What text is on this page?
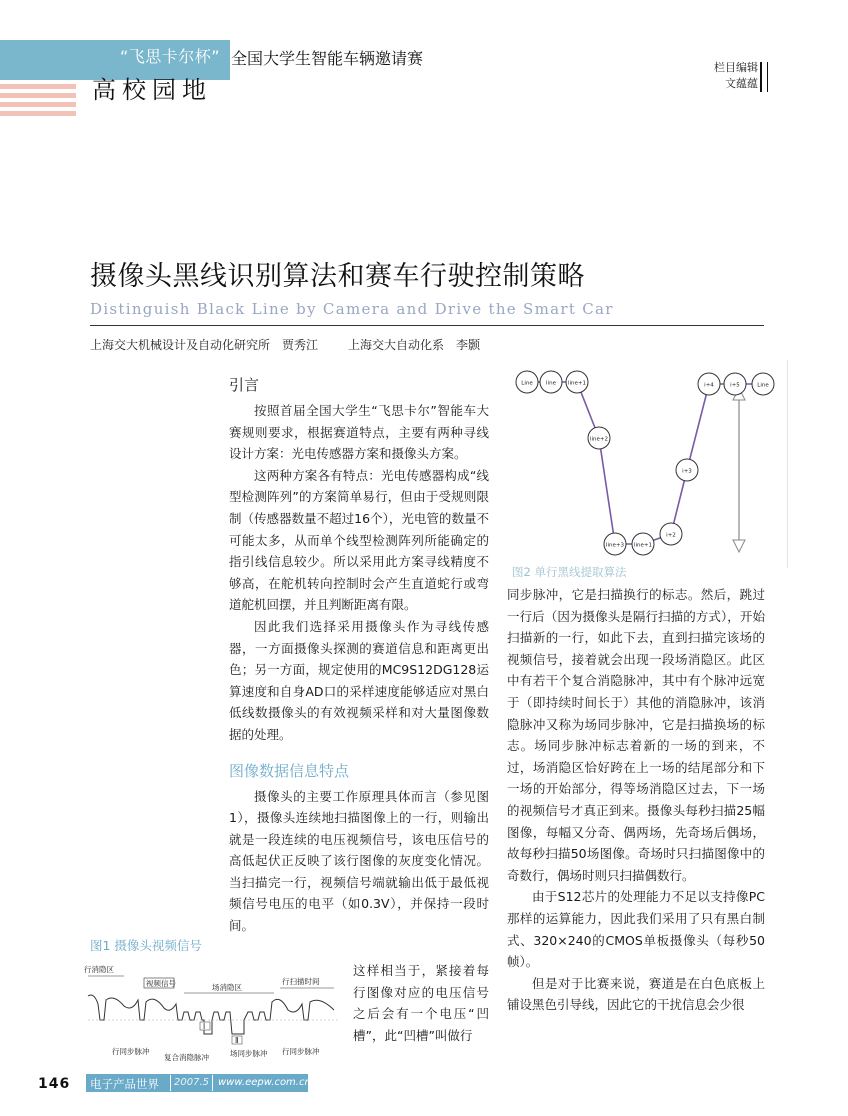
“飞思卡尔杯” 全国大学生智能车辆邀请赛
高校园地
栏目编辑
文蕴蕴
摄像头黑线识别算法和赛车行驶控制策略
Distinguish Black Line by Camera and Drive the Smart Car
上海交大机械设计及自动化研究所　贾秀江 上海交大自动化系　李颢

引言

按照首届全国大学生“飞思卡尔”智能车大赛规则要求，根据赛道特点，主要有两种寻线设计方案：光电传感器方案和摄像头方案。

这两种方案各有特点：光电传感器构成“线型检测阵列”的方案简单易行，但由于受规则限制（传感器数量不超过16个），光电管的数量不可能太多，从而单个线型检测阵列所能确定的指引线信息较少。所以采用此方案寻线精度不够高，在舵机转向控制时会产生直道蛇行或弯道舵机回摆，并且判断距离有限。

因此我们选择采用摄像头作为寻线传感器，一方面摄像头探测的赛道信息和距离更出色；另一方面，规定使用的MC9S12DG128运算速度和自身AD口的采样速度能够适应对黑白低线数摄像头的有效视频采样和对大量图像数据的处理。

图像数据信息特点

摄像头的主要工作原理具体而言（参见图1），摄像头连续地扫描图像上的一行，则输出就是一段连续的电压视频信号，该电压信号的高低起伏正反映了该行图像的灰度变化情况。当扫描完一行，视频信号端就输出低于最低视频信号电压的电平（如0.3V），并保持一段时间。

这样相当于，紧接着每行图像对应的电压信号之后会有一个电压“凹槽”，此“凹槽”叫做行

图1 摄像头视频信号
行消隐区
视频信号	场消隐区
行扫描时间
Ⅰ
Ⅱ
行同步脉冲
复合消隐脉冲	场同步脉冲 行同步脉冲
Line line line+1
line+2
line+3 line+1
i+2
i+3
i+4	i+5	Line
图2 单行黑线提取算法

同步脉冲，它是扫描换行的标志。然后，跳过一行后（因为摄像头是隔行扫描的方式），开始扫描新的一行，如此下去，直到扫描完该场的视频信号，接着就会出现一段场消隐区。此区中有若干个复合消隐脉冲，其中有个脉冲远宽于（即持续时间长于）其他的消隐脉冲，该消隐脉冲又称为场同步脉冲，它是扫描换场的标志。场同步脉冲标志着新的一场的到来，不过，场消隐区恰好跨在上一场的结尾部分和下一场的开始部分，得等场消隐区过去，下一场的视频信号才真正到来。摄像头每秒扫描25幅图像，每幅又分奇、偶两场，先奇场后偶场，故每秒扫描50场图像。奇场时只扫描图像中的奇数行，偶场时则只扫描偶数行。

由于S12芯片的处理能力不足以支持像PC那样的运算能力，因此我们采用了只有黑白制式、320×240的CMOS单板摄像头（每秒50帧）。

但是对于比赛来说，赛道是在白色底板上铺设黑色引导线，因此它的干扰信息会少很

146 电子产品世界 2007.5 www.eepw.com.cn
